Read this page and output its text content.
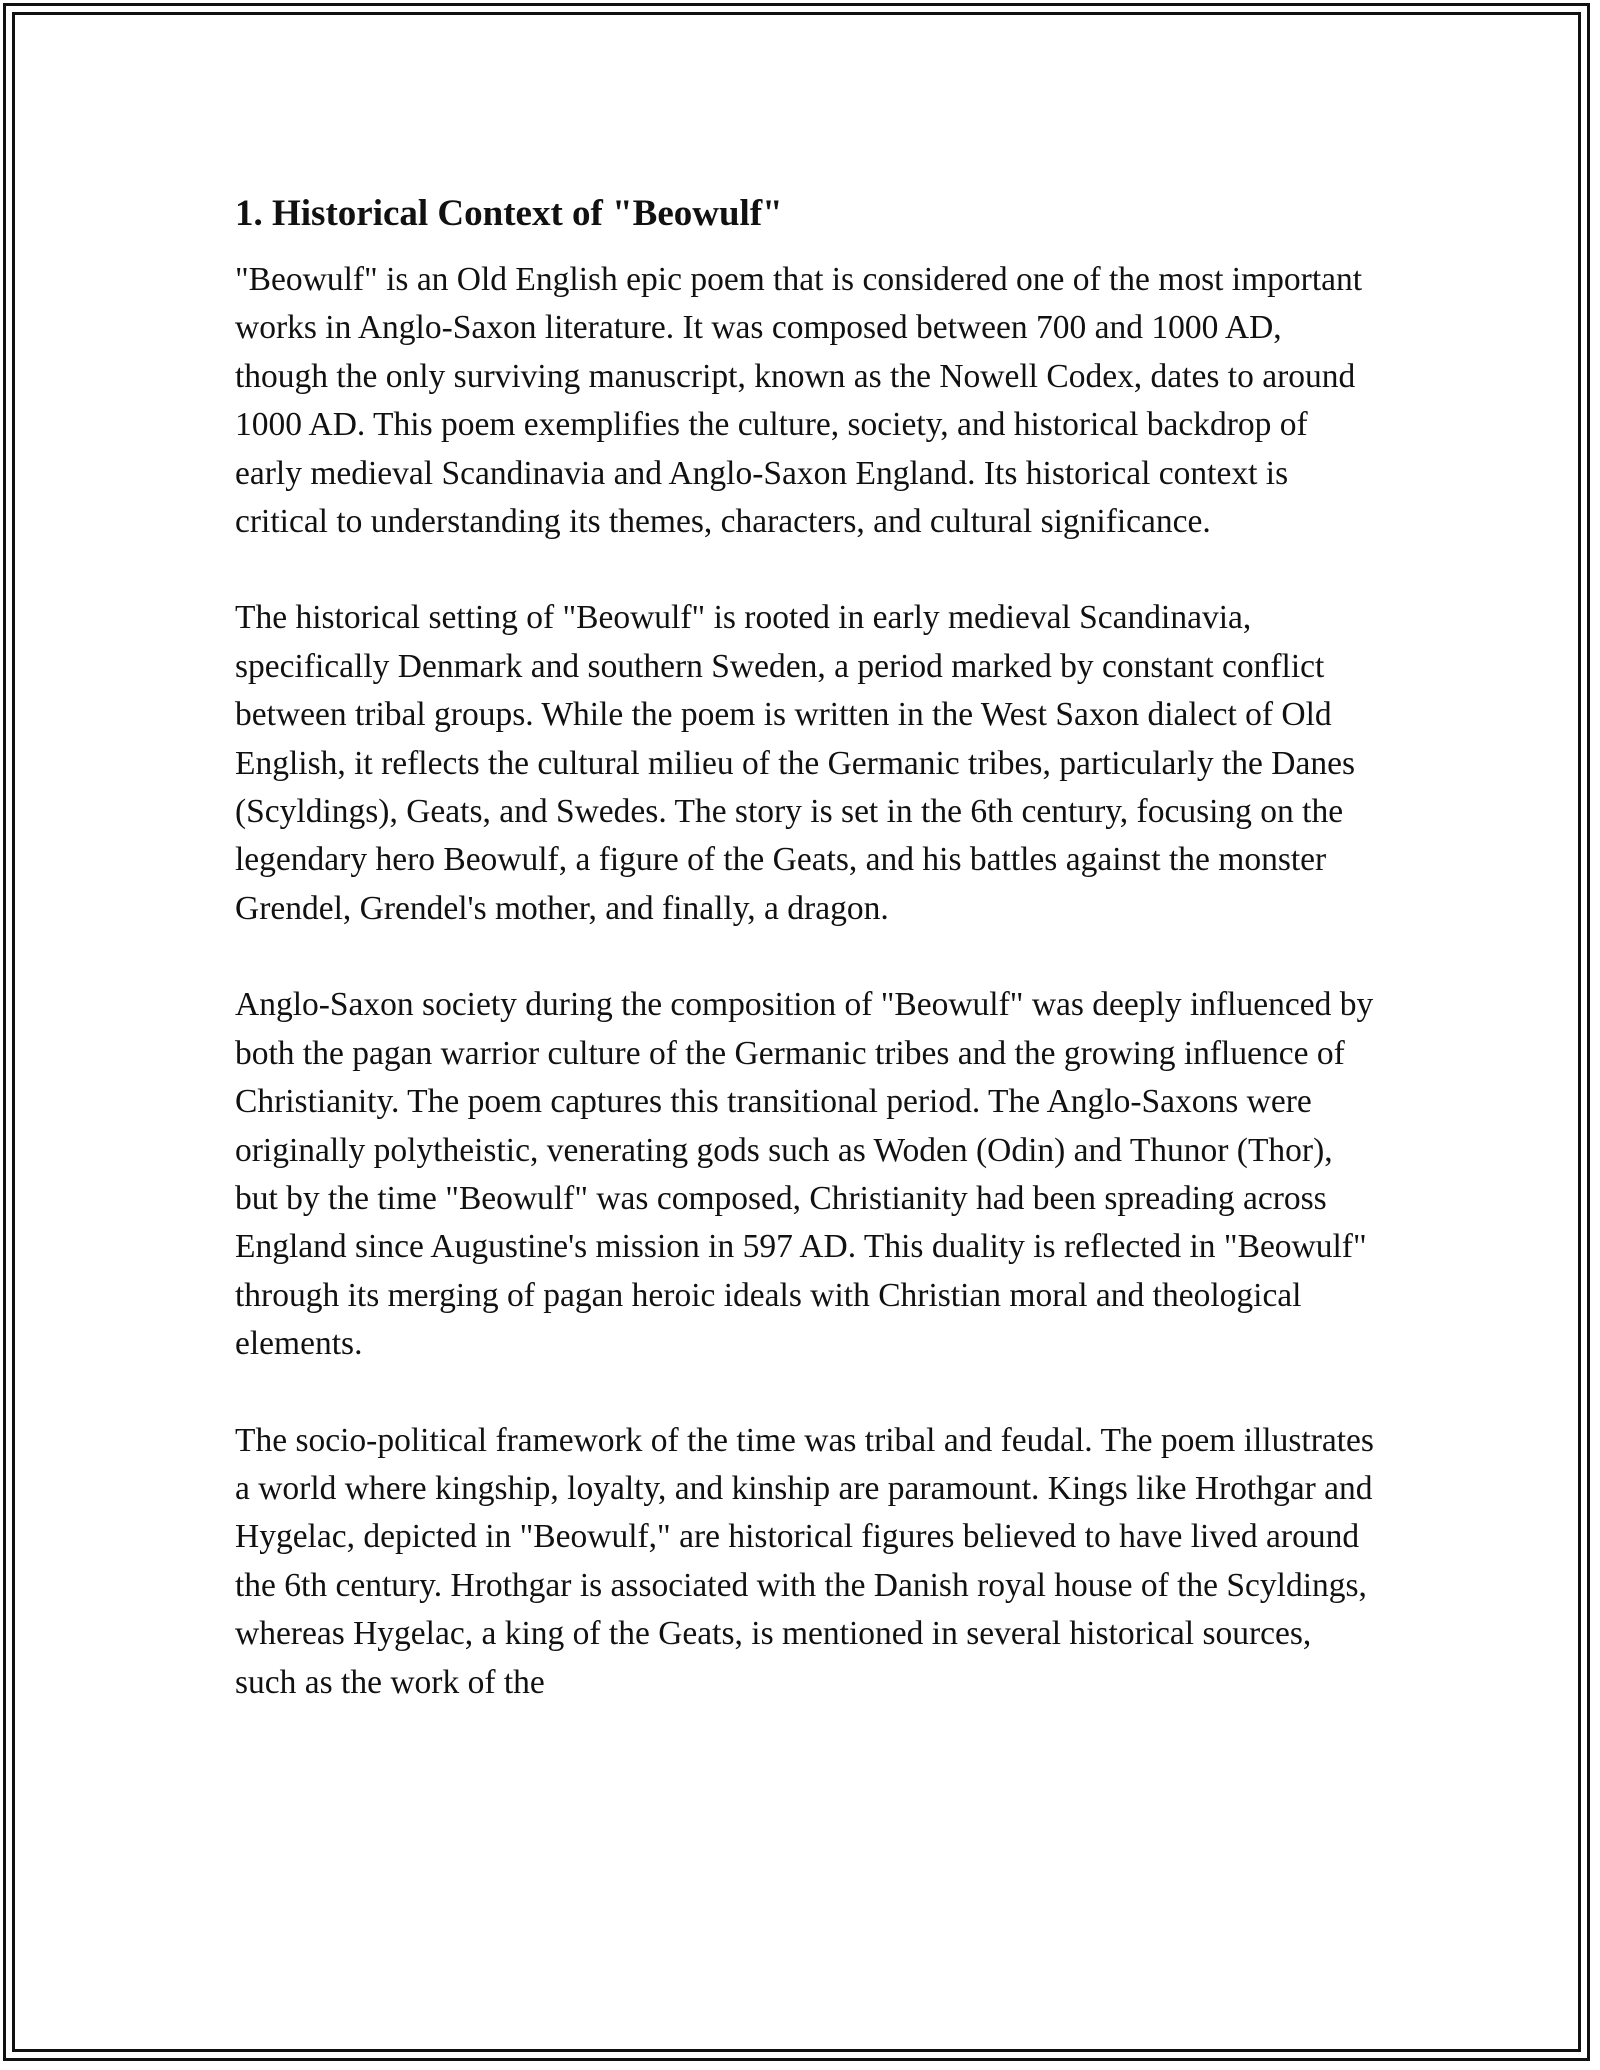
1. Historical Context of "Beowulf"

"Beowulf" is an Old English epic poem that is considered one of the most important works in Anglo-Saxon literature. It was composed between 700 and 1000 AD, though the only surviving manuscript, known as the Nowell Codex, dates to around 1000 AD. This poem exemplifies the culture, society, and historical backdrop of early medieval Scandinavia and Anglo-Saxon England. Its historical context is critical to understanding its themes, characters, and cultural significance.

The historical setting of "Beowulf" is rooted in early medieval Scandinavia, specifically Denmark and southern Sweden, a period marked by constant conflict between tribal groups. While the poem is written in the West Saxon dialect of Old English, it reflects the cultural milieu of the Germanic tribes, particularly the Danes (Scyldings), Geats, and Swedes. The story is set in the 6th century, focusing on the legendary hero Beowulf, a figure of the Geats, and his battles against the monster Grendel, Grendel's mother, and finally, a dragon.

Anglo-Saxon society during the composition of "Beowulf" was deeply influenced by both the pagan warrior culture of the Germanic tribes and the growing influence of Christianity. The poem captures this transitional period. The Anglo-Saxons were originally polytheistic, venerating gods such as Woden (Odin) and Thunor (Thor), but by the time "Beowulf" was composed, Christianity had been spreading across England since Augustine's mission in 597 AD. This duality is reflected in "Beowulf" through its merging of pagan heroic ideals with Christian moral and theological elements.

The socio-political framework of the time was tribal and feudal. The poem illustrates a world where kingship, loyalty, and kinship are paramount. Kings like Hrothgar and Hygelac, depicted in "Beowulf," are historical figures believed to have lived around the 6th century. Hrothgar is associated with the Danish royal house of the Scyldings, whereas Hygelac, a king of the Geats, is mentioned in several historical sources, such as the work of the
